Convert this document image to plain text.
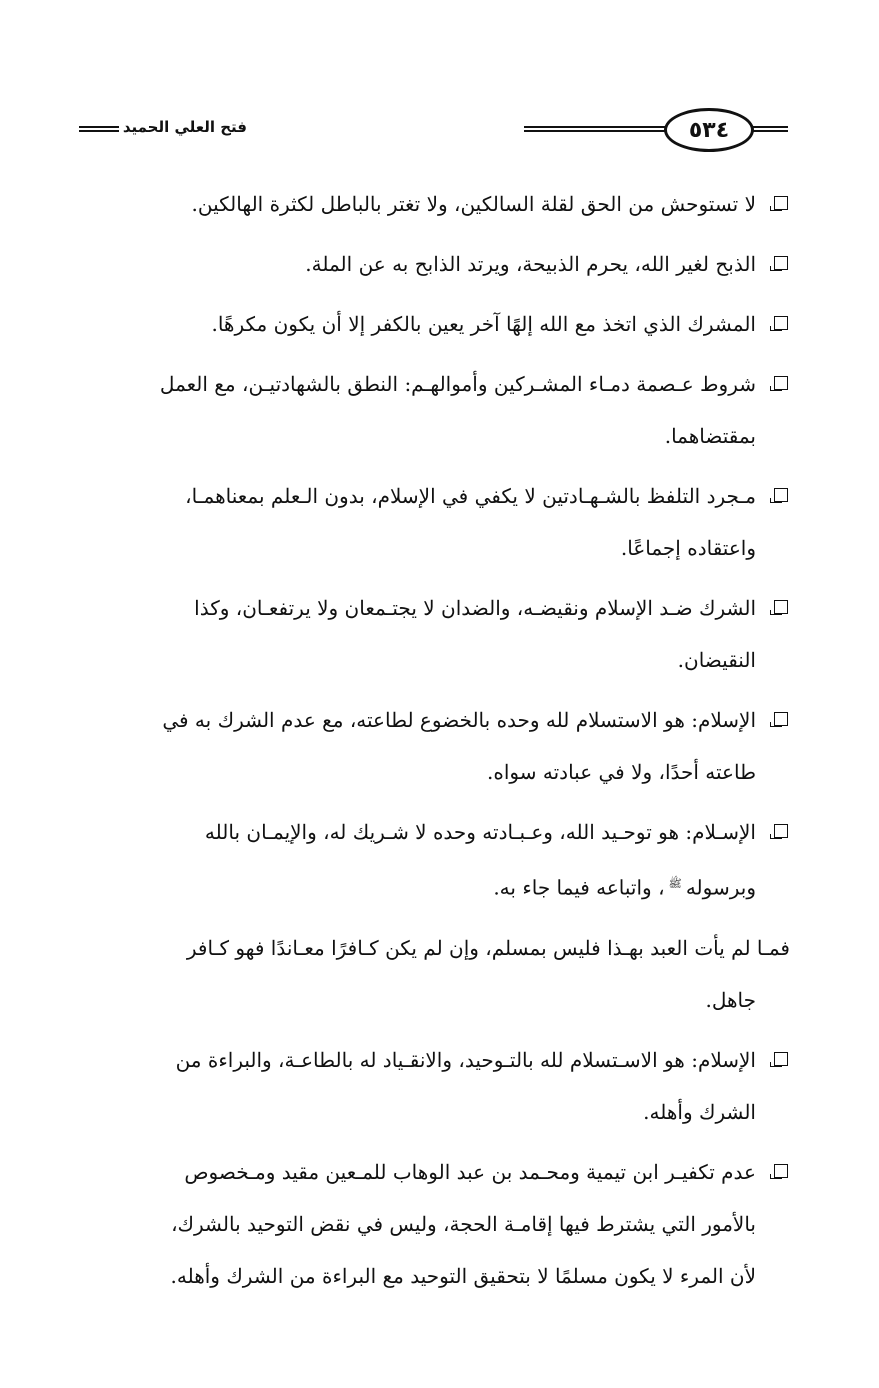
فتح العلي الحميد	٥٣٤
لا تستوحش من الحق لقلة السالكين، ولا تغتر بالباطل لكثرة الهالكين.
الذبح لغير الله، يحرم الذبيحة، ويرتد الذابح به عن الملة.
المشرك الذي اتخذ مع الله إلهًا آخر يعين بالكفر إلا أن يكون مكرهًا.
شروط عـصمة دمـاء المشـركين وأموالهـم: النطق بالشهادتيـن، مع العمل
بمقتضاهما.
مـجرد التلفظ بالشـهـادتين لا يكفي في الإسلام، بدون الـعلم بمعناهمـا،
واعتقاده إجماعًا.
الشرك ضـد الإسلام ونقيضـه، والضدان لا يجتـمعان ولا يرتفعـان، وكذا
النقيضان.
الإسلام: هو الاستسلام لله وحده بالخضوع لطاعته، مع عدم الشرك به في
طاعته أحدًا، ولا في عبادته سواه.
الإسـلام: هو توحـيد الله، وعـبـادته وحده لا شـريك له، والإيمـان بالله
وبرسوله$^ﷺ$، واتباعه فيما جاء به.
فمـا لم يأت العبد بهـذا فليس بمسلم، وإن لم يكن كـافرًا معـاندًا فهو كـافر
جاهل.
الإسلام: هو الاسـتسلام لله بالتـوحيد، والانقـياد له بالطاعـة، والبراءة من
الشرك وأهله.
عدم تكفيـر ابن تيمية ومحـمد بن عبد الوهاب للمـعين مقيد ومـخصوص
بالأمور التي يشترط فيها إقامـة الحجة، وليس في نقض التوحيد بالشرك،
لأن المرء لا يكون مسلمًا لا بتحقيق التوحيد مع البراءة من الشرك وأهله.
